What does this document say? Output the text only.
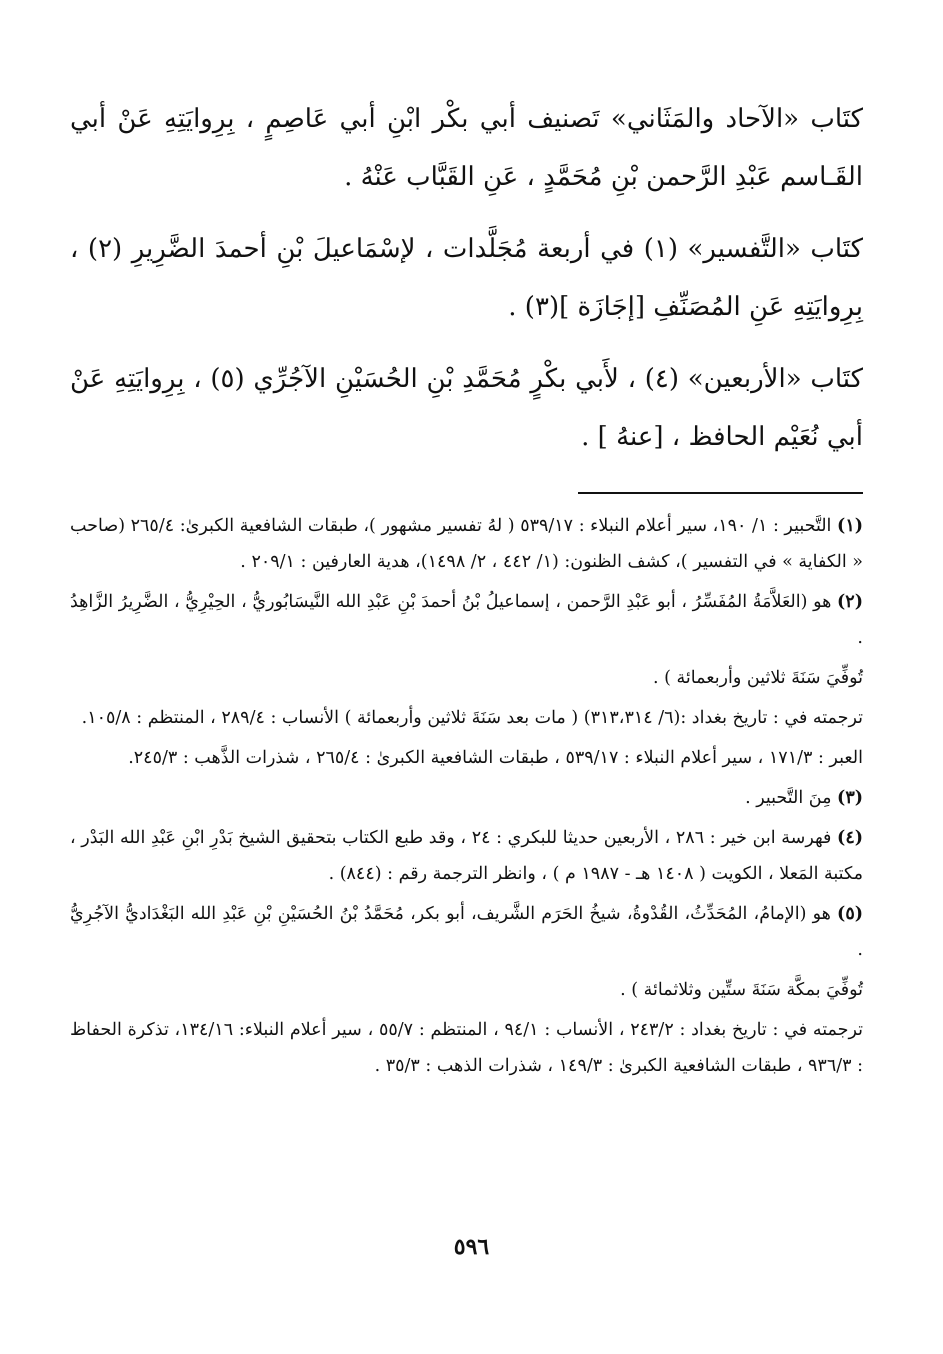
كتَاب «الآحاد والمَثَاني» تَصنيف أبي بكْر ابْنِ أبي عَاصِمٍ ، بِرِوايَتِهِ عَنْ أبي القَـاسم عَبْدِ الرَّحمن بْنِ مُحَمَّدٍ ، عَنِ القَبَّاب عَنْهُ .

كتَاب «التَّفسير» (١) في أربعة مُجَلَّدات ، لإسْمَاعيلَ بْنِ أحمدَ الضَّرِيرِ (٢) ، بِرِوايَتِهِ عَنِ المُصَنِّفِ [إجَازَة ](٣) .

كتَاب «الأربعين» (٤) ، لأَبي بكْرٍ مُحَمَّدِ بْنِ الحُسَيْنِ الآجُرِّي (٥) ، بِرِوايَتِهِ عَنْ أبي نُعَيْم الحافظ ، [عنهُ ] .

(١) التَّحبير : ١/ ١٩٠، سير أعلام النبلاء : ٥٣٩/١٧ ( لهُ تفسير مشهور )، طبقات الشافعية الكبرىٰ: ٢٦٥/٤ (صاحب « الكفاية » في التفسير )، كشف الظنون: (١/ ٤٤٢ ، ٢/ ١٤٩٨)، هدية العارفين : ٢٠٩/١ .

(٢) هو (العَلاَّمَةُ المُفَسِّرُ ، أبو عَبْدِ الرَّحمن ، إسماعيلُ بْنُ أحمدَ بْنِ عَبْدِ الله النَّيسَابُوريُّ ، الحِيْرِيُّ ، الضَّرِيرُ الزَّاهِدُ .

تُوفِّيَ سَنَةَ ثلاثين وأربعمائة ) .

ترجمته في : تاريخ بغداد :(٦/ ٣١٣،٣١٤) ( مات بعد سَنَةَ ثلاثين وأربعمائة ) الأنساب : ٢٨٩/٤ ، المنتظم : ١٠٥/٨.

العبر : ١٧١/٣ ، سير أعلام النبلاء : ٥٣٩/١٧ ، طبقات الشافعية الكبرىٰ : ٢٦٥/٤ ، شذرات الذَّهب : ٢٤٥/٣.

(٣) مِنَ التَّحبير .

(٤) فهرسة ابن خير : ٢٨٦ ، الأربعين حديثا للبكري : ٢٤ ، وقد طبع الكتاب بتحقيق الشيخ بَدْرِ ابْنِ عَبْدِ الله البَدْر ، مكتبة المَعلا ، الكويت ( ١٤٠٨ هـ - ١٩٨٧ م ) ، وانظر الترجمة رقم : (٨٤٤) .

(٥) هو (الإمامُ، المُحَدِّثُ، القُدْوةُ، شيخُ الحَرَم الشَّريف، أبو بكر، مُحَمَّدُ بْنُ الحُسَيْنِ بْنِ عَبْدِ الله البَغْدَاديُّ الآجُرِيُّ .

تُوفِّيَ بمكَّة سَنَةَ ستِّين وثلاثمائة ) .

ترجمته في : تاريخ بغداد : ٢٤٣/٢ ، الأنساب : ٩٤/١ ، المنتظم : ٥٥/٧ ، سير أعلام النبلاء: ١٣٤/١٦، تذكرة الحفاظ : ٩٣٦/٣ ، طبقات الشافعية الكبرىٰ : ١٤٩/٣ ، شذرات الذهب : ٣٥/٣ .

٥٩٦
